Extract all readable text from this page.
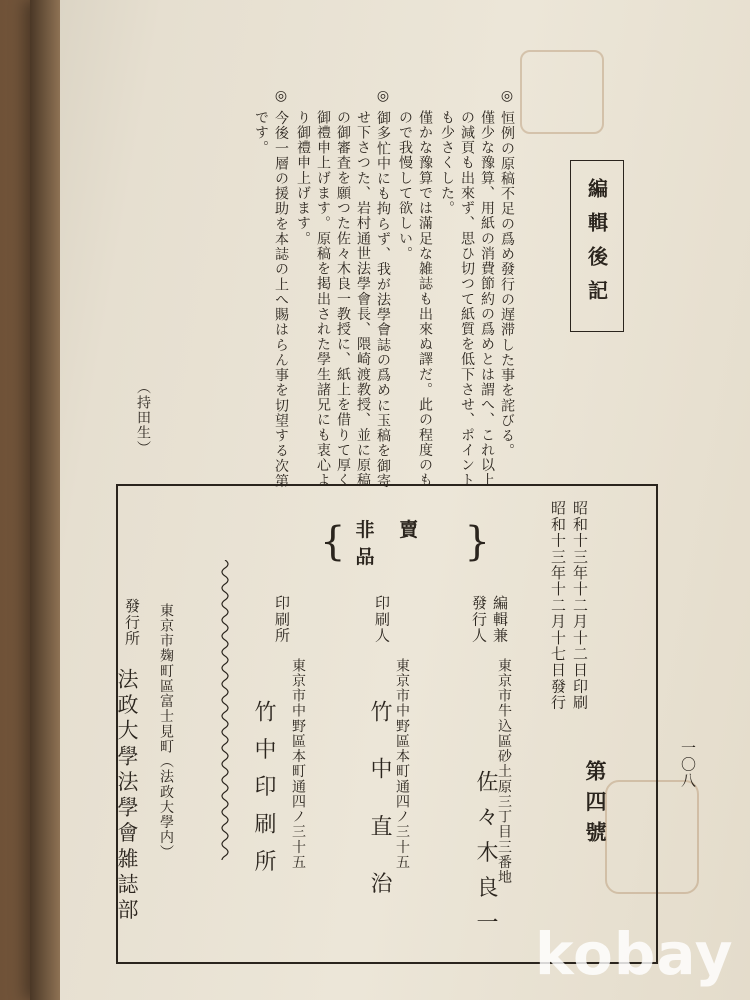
編輯後記
◎ 恒例の原稿不足の爲め發行の遅滞した事を詫びる。
僅少な豫算、用紙の消費節約の爲めとは謂へ、これ以上
の減頁も出來ず、思ひ切つて紙質を低下させ、ポイント
も少さくした。
僅かな豫算では滿足な雑誌も出來ぬ譯だ。此の程度のも
ので我慢して欲しい。
◎ 御多忙中にも拘らず、我が法學會誌の爲めに玉稿を御寄
せ下さつた、岩村通世法學會長、隈崎渡教授、並に原稿
の御審査を願つた佐々木良一教授に、紙上を借りて厚く
御禮申上げます。原稿を掲出された學生諸兄にも衷心よ
り御禮申上げます。
◎ 今後一層の援助を本誌の上へ賜はらん事を切望する次第
です。
（持田生）
一〇八
{ 非賣品	}	昭和十三年十二月十二日印刷
昭和十三年十二月十七日發行
第四號
編輯兼發行人
東京市牛込區砂土原三丁目三番地
佐々木良一
印刷人
東京市中野區本町通四ノ三十五
竹中直治
印刷所
東京市中野區本町通四ノ三十五
竹中印刷所
發行所 東京市麹町區富士見町（法政大學内）
法政大學法學會雑誌部
kobay
